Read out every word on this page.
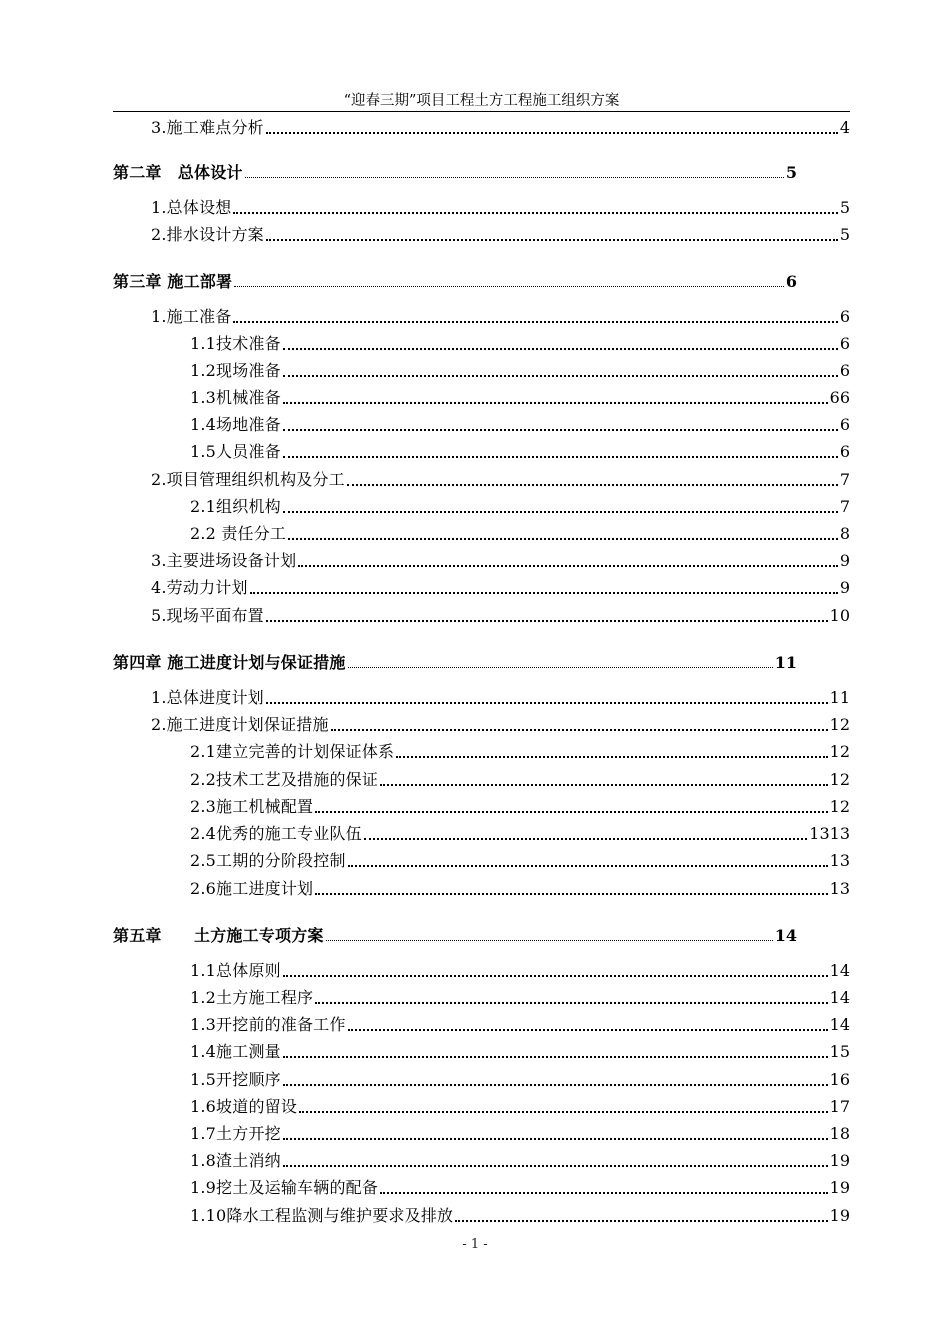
“迎春三期”项目工程土方工程施工组织方案
3.施工难点分析	4
第二章　总体设计	5
1.总体设想	5
2.排水设计方案	5
第三章 施工部署	6
1.施工准备	6
1.1技术准备	6
1.2现场准备	6
1.3机械准备	66
1.4场地准备	6
1.5人员准备	6
2.项目管理组织机构及分工	7
2.1组织机构	7
2.2 责任分工	8
3.主要进场设备计划	9
4.劳动力计划	9
5.现场平面布置	10
第四章 施工进度计划与保证措施	11
1.总体进度计划	11
2.施工进度计划保证措施	12
2.1建立完善的计划保证体系	12
2.2技术工艺及措施的保证	12
2.3施工机械配置	12
2.4优秀的施工专业队伍	1313
2.5工期的分阶段控制	13
2.6施工进度计划	13
第五章　　土方施工专项方案	14
1.1总体原则	14
1.2土方施工程序	14
1.3开挖前的准备工作	14
1.4施工测量	15
1.5开挖顺序	16
1.6坡道的留设	17
1.7土方开挖	18
1.8渣土消纳	19
1.9挖土及运输车辆的配备	19
1.10降水工程监测与维护要求及排放	19
- 1 -
